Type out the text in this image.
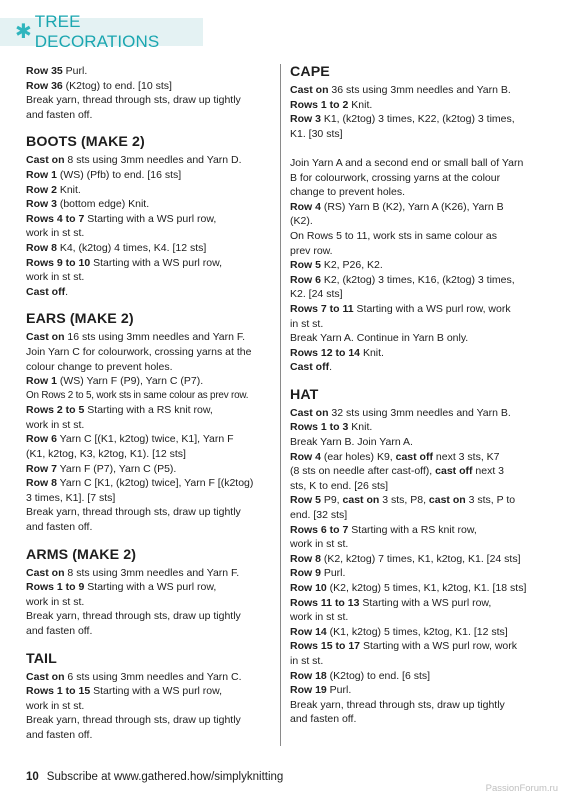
✱ TREE DECORATIONS
Row 35 Purl.
Row 36 (K2tog) to end. [10 sts]
Break yarn, thread through sts, draw up tightly
and fasten off.
BOOTS (MAKE 2)
Cast on 8 sts using 3mm needles and Yarn D.
Row 1 (WS) (Pfb) to end. [16 sts]
Row 2 Knit.
Row 3 (bottom edge) Knit.
Rows 4 to 7 Starting with a WS purl row,
work in st st.
Row 8 K4, (k2tog) 4 times, K4. [12 sts]
Rows 9 to 10 Starting with a WS purl row,
work in st st.
Cast off.
EARS (MAKE 2)
Cast on 16 sts using 3mm needles and Yarn F.
Join Yarn C for colourwork, crossing yarns at the
colour change to prevent holes.
Row 1 (WS) Yarn F (P9), Yarn C (P7).
On Rows 2 to 5, work sts in same colour as prev row.
Rows 2 to 5 Starting with a RS knit row,
work in st st.
Row 6 Yarn C [(K1, k2tog) twice, K1], Yarn F
(K1, k2tog, K3, k2tog, K1). [12 sts]
Row 7 Yarn F (P7), Yarn C (P5).
Row 8 Yarn C [K1, (k2tog) twice], Yarn F [(k2tog)
3 times, K1]. [7 sts]
Break yarn, thread through sts, draw up tightly
and fasten off.
ARMS (MAKE 2)
Cast on 8 sts using 3mm needles and Yarn F.
Rows 1 to 9 Starting with a WS purl row,
work in st st.
Break yarn, thread through sts, draw up tightly
and fasten off.
TAIL
Cast on 6 sts using 3mm needles and Yarn C.
Rows 1 to 15 Starting with a WS purl row,
work in st st.
Break yarn, thread through sts, draw up tightly
and fasten off.
CAPE
Cast on 36 sts using 3mm needles and Yarn B.
Rows 1 to 2 Knit.
Row 3 K1, (k2tog) 3 times, K22, (k2tog) 3 times,
K1. [30 sts]
Join Yarn A and a second end or small ball of Yarn
B for colourwork, crossing yarns at the colour
change to prevent holes.
Row 4 (RS) Yarn B (K2), Yarn A (K26), Yarn B
(K2).
On Rows 5 to 11, work sts in same colour as
prev row.
Row 5 K2, P26, K2.
Row 6 K2, (k2tog) 3 times, K16, (k2tog) 3 times,
K2. [24 sts]
Rows 7 to 11 Starting with a WS purl row, work
in st st.
Break Yarn A. Continue in Yarn B only.
Rows 12 to 14 Knit.
Cast off.
HAT
Cast on 32 sts using 3mm needles and Yarn B.
Rows 1 to 3 Knit.
Break Yarn B. Join Yarn A.
Row 4 (ear holes) K9, cast off next 3 sts, K7
(8 sts on needle after cast-off), cast off next 3
sts, K to end. [26 sts]
Row 5 P9, cast on 3 sts, P8, cast on 3 sts, P to
end. [32 sts]
Rows 6 to 7 Starting with a RS knit row,
work in st st.
Row 8 (K2, k2tog) 7 times, K1, k2tog, K1. [24 sts]
Row 9 Purl.
Row 10 (K2, k2tog) 5 times, K1, k2tog, K1. [18 sts]
Rows 11 to 13 Starting with a WS purl row,
work in st st.
Row 14 (K1, k2tog) 5 times, k2tog, K1. [12 sts]
Rows 15 to 17 Starting with a WS purl row, work
in st st.
Row 18 (K2tog) to end. [6 sts]
Row 19 Purl.
Break yarn, thread through sts, draw up tightly
and fasten off.
10 Subscribe at www.gathered.how/simplyknitting
PassionForum.ru
